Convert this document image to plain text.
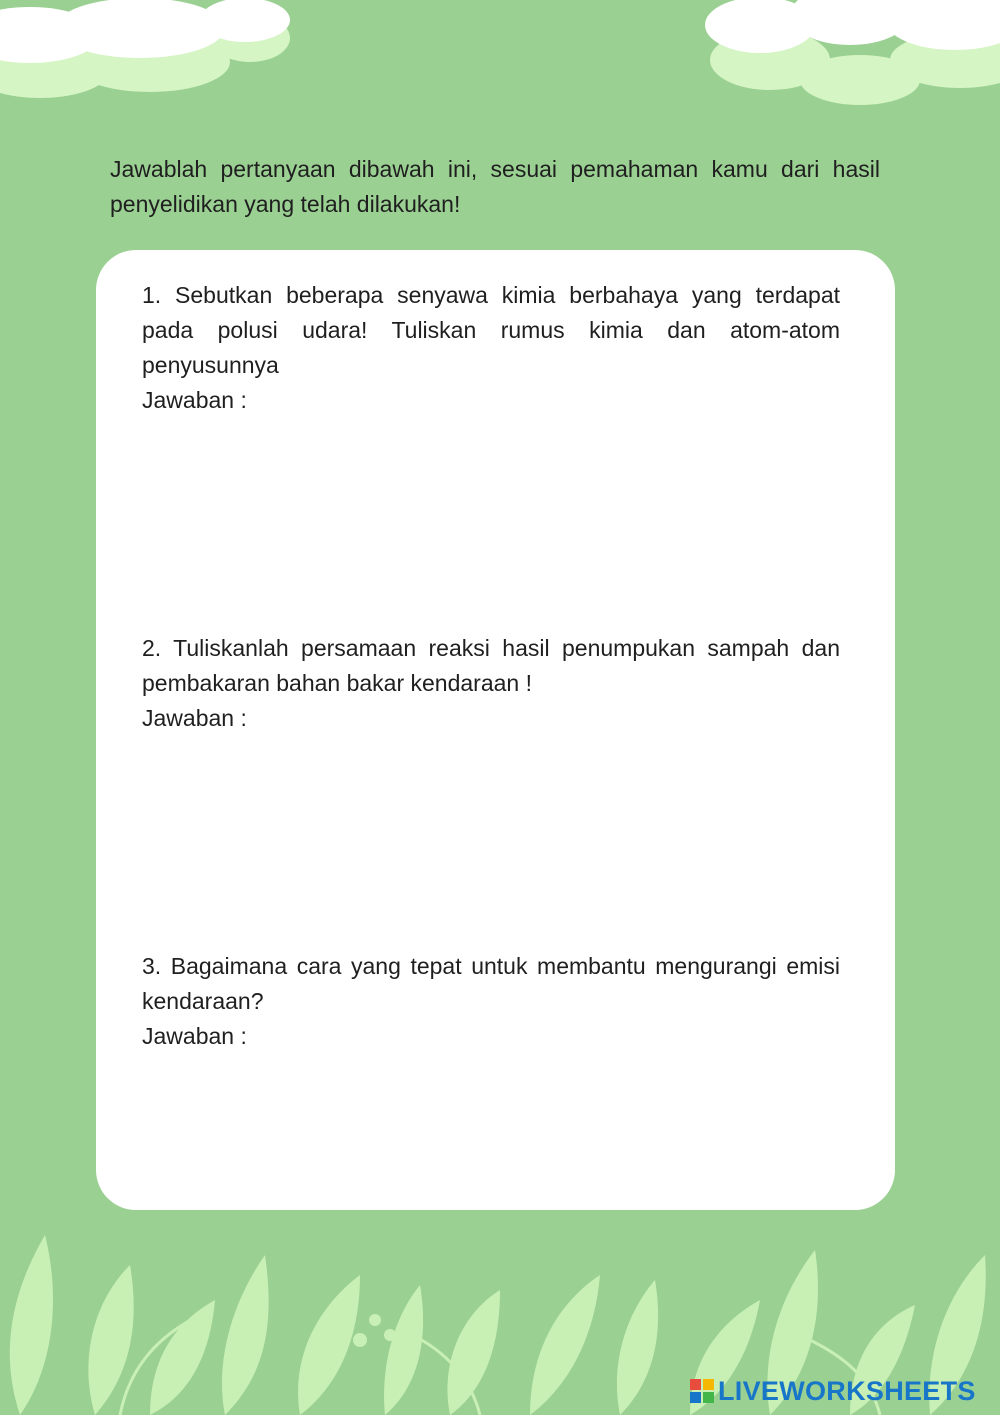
Jawablah pertanyaan dibawah ini, sesuai pemahaman kamu dari hasil penyelidikan yang telah dilakukan!
1. Sebutkan beberapa senyawa kimia berbahaya yang terdapat pada polusi udara! Tuliskan rumus kimia dan atom-atom penyusunnya
Jawaban :
2. Tuliskanlah persamaan reaksi hasil penumpukan sampah dan pembakaran bahan bakar kendaraan !
Jawaban :
3. Bagaimana cara yang tepat untuk membantu mengurangi emisi kendaraan?
Jawaban :
LIVEWORKSHEETS
